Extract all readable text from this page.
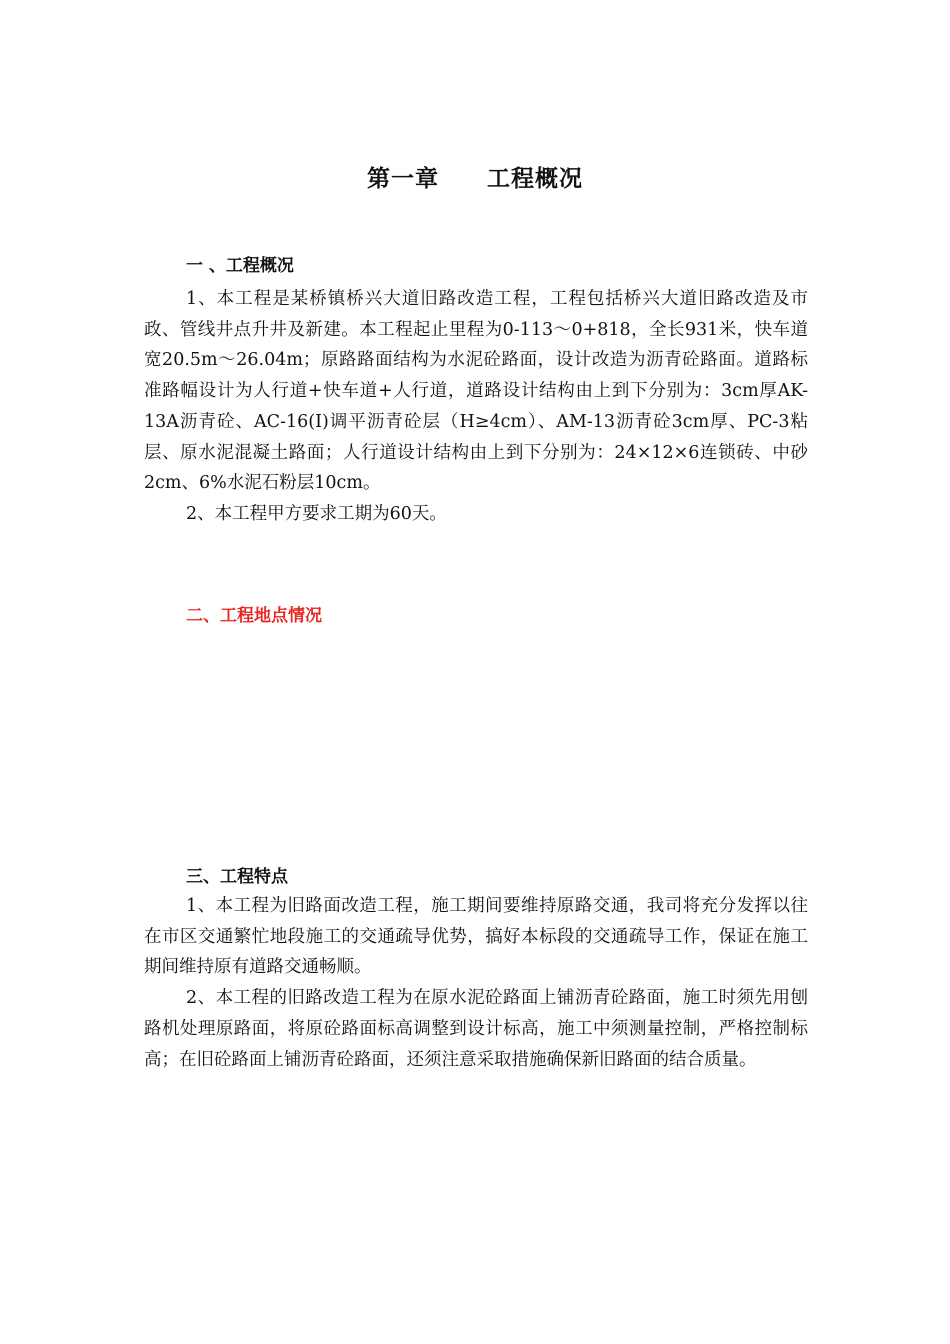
第一章 工程概况
一 、工程概况

1、本工程是某桥镇桥兴大道旧路改造工程，工程包括桥兴大道旧路改造及市政、管线井点升井及新建。本工程起止里程为0-113～0+818，全长931米，快车道宽20.5m～26.04m；原路路面结构为水泥砼路面，设计改造为沥青砼路面。道路标准路幅设计为人行道+快车道+人行道，道路设计结构由上到下分别为：3cm厚AK-13A沥青砼、AC-16(I)调平沥青砼层（H≥4cm）、AM-13沥青砼3cm厚、PC-3粘层、原水泥混凝土路面；人行道设计结构由上到下分别为：24×12×6连锁砖、中砂2cm、6%水泥石粉层10cm。

2、本工程甲方要求工期为60天。

二、工程地点情况
三、工程特点

1、本工程为旧路面改造工程，施工期间要维持原路交通，我司将充分发挥以往在市区交通繁忙地段施工的交通疏导优势，搞好本标段的交通疏导工作，保证在施工期间维持原有道路交通畅顺。

2、本工程的旧路改造工程为在原水泥砼路面上铺沥青砼路面，施工时须先用刨路机处理原路面，将原砼路面标高调整到设计标高，施工中须测量控制，严格控制标高；在旧砼路面上铺沥青砼路面，还须注意采取措施确保新旧路面的结合质量。
